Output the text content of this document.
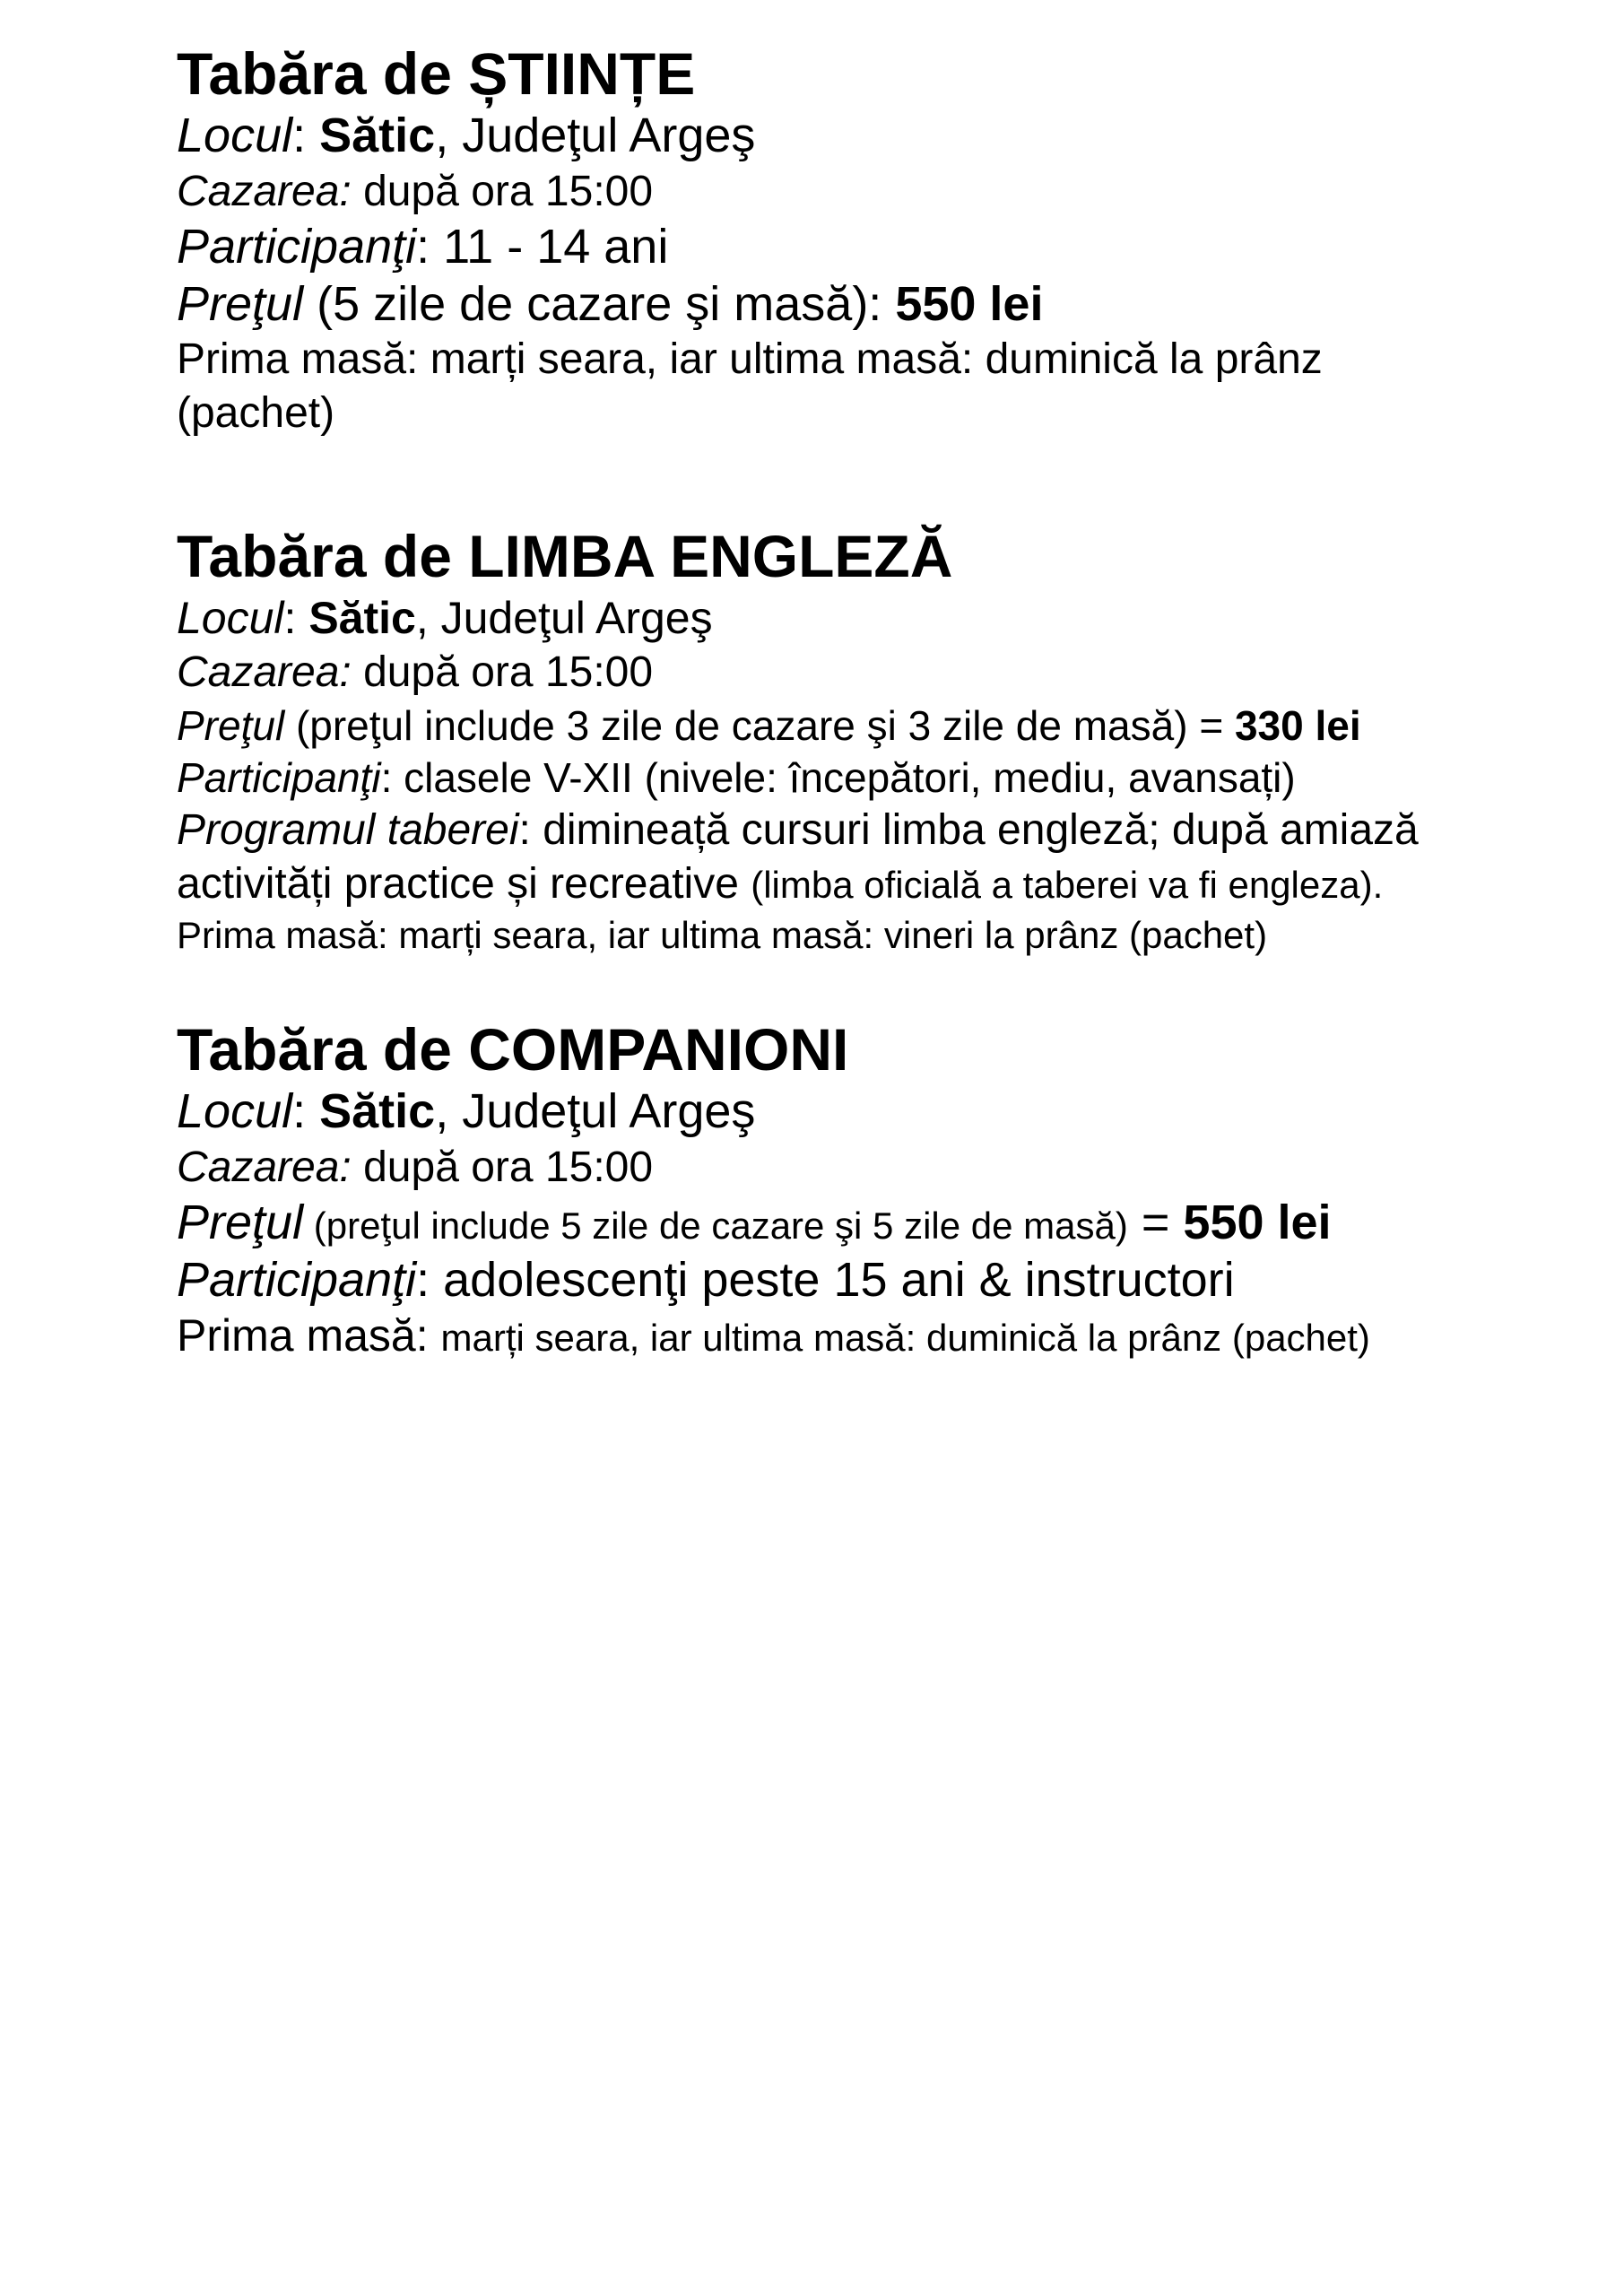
Tabăra de ȘTIINȚE

Locul: Sătic, Judeţul Argeş

Cazarea: după ora 15:00

Participanţi: 11 - 14 ani

Preţul (5 zile de cazare şi masă): 550 lei

Prima masă: marți seara, iar ultima masă: duminică la prânz (pachet)

Tabăra de LIMBA ENGLEZĂ

Locul: Sătic, Judeţul Argeş

Cazarea: după ora 15:00

Preţul (preţul include 3 zile de cazare şi 3 zile de masă) = 330 lei

Participanţi: clasele V-XII (nivele: începători, mediu, avansați)

Programul taberei: dimineață cursuri limba engleză; după amiază

activități practice și recreative (limba oficială a taberei va fi engleza).

Prima masă: marți seara, iar ultima masă: vineri la prânz (pachet)

Tabăra de COMPANIONI

Locul: Sătic, Judeţul Argeş

Cazarea: după ora 15:00

Preţul (preţul include 5 zile de cazare şi 5 zile de masă) = 550 lei

Participanţi: adolescenţi peste 15 ani & instructori

Prima masă: marți seara, iar ultima masă: duminică la prânz (pachet)
